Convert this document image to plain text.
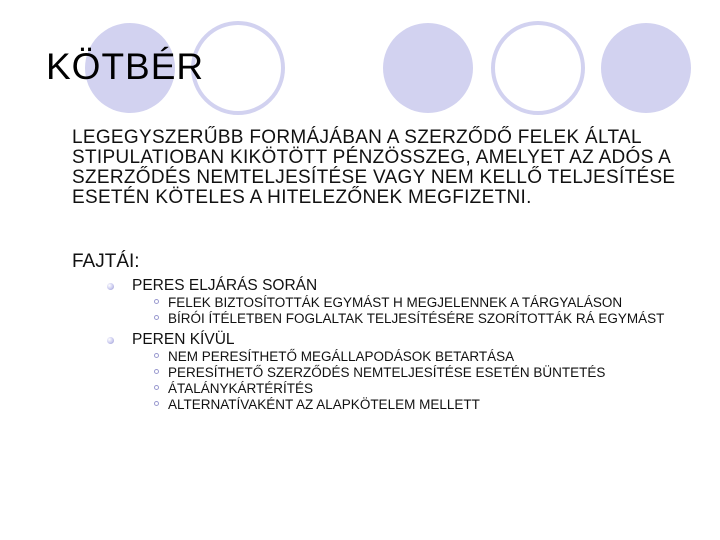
KÖTBÉR

LEGEGYSZERŰBB FORMÁJÁBAN A SZERZŐDŐ FELEK ÁLTAL STIPULATIOBAN KIKÖTÖTT PÉNZÖSSZEG, AMELYET AZ ADÓS A SZERZŐDÉS NEMTELJESÍTÉSE VAGY NEM KELLŐ TELJESÍTÉSE ESETÉN KÖTELES A HITELEZŐNEK MEGFIZETNI.

FAJTÁI:
PERES ELJÁRÁS SORÁN
FELEK BIZTOSÍTOTTÁK EGYMÁST H MEGJELENNEK A TÁRGYALÁSON
BÍRÓI ÍTÉLETBEN FOGLALTAK TELJESÍTÉSÉRE SZORÍTOTTÁK RÁ EGYMÁST
PEREN KÍVÜL
NEM PERESÍTHETŐ MEGÁLLAPODÁSOK BETARTÁSA
PERESÍTHETŐ SZERZŐDÉS NEMTELJESÍTÉSE ESETÉN BÜNTETÉS
ÁTALÁNYKÁRTÉRÍTÉS
ALTERNATÍVAKÉNT AZ ALAPKÖTELEM MELLETT
